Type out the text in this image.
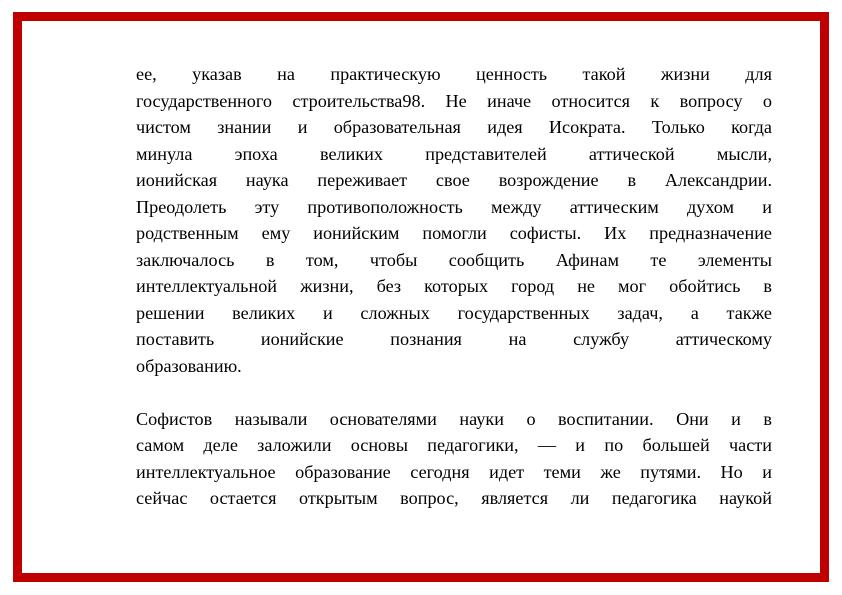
ее, указав на практическую ценность такой жизни для
государственного строительства98. Не иначе относится к вопросу о
чистом знании и образовательная идея Исократа. Только когда
минула эпоха великих представителей аттической мысли,
ионийская наука переживает свое возрождение в Александрии.
Преодолеть эту противоположность между аттическим духом и
родственным ему ионийским помогли софисты. Их предназначение
заключалось в том, чтобы сообщить Афинам те элементы
интеллектуальной жизни, без которых город не мог обойтись в
решении великих и сложных государственных задач, а также
поставить ионийские познания на службу аттическому
образованию.
Софистов называли основателями науки о воспитании. Они и в
самом деле заложили основы педагогики, — и по большей части
интеллектуальное образование сегодня идет теми же путями. Но и
сейчас остается открытым вопрос, является ли педагогика наукой
